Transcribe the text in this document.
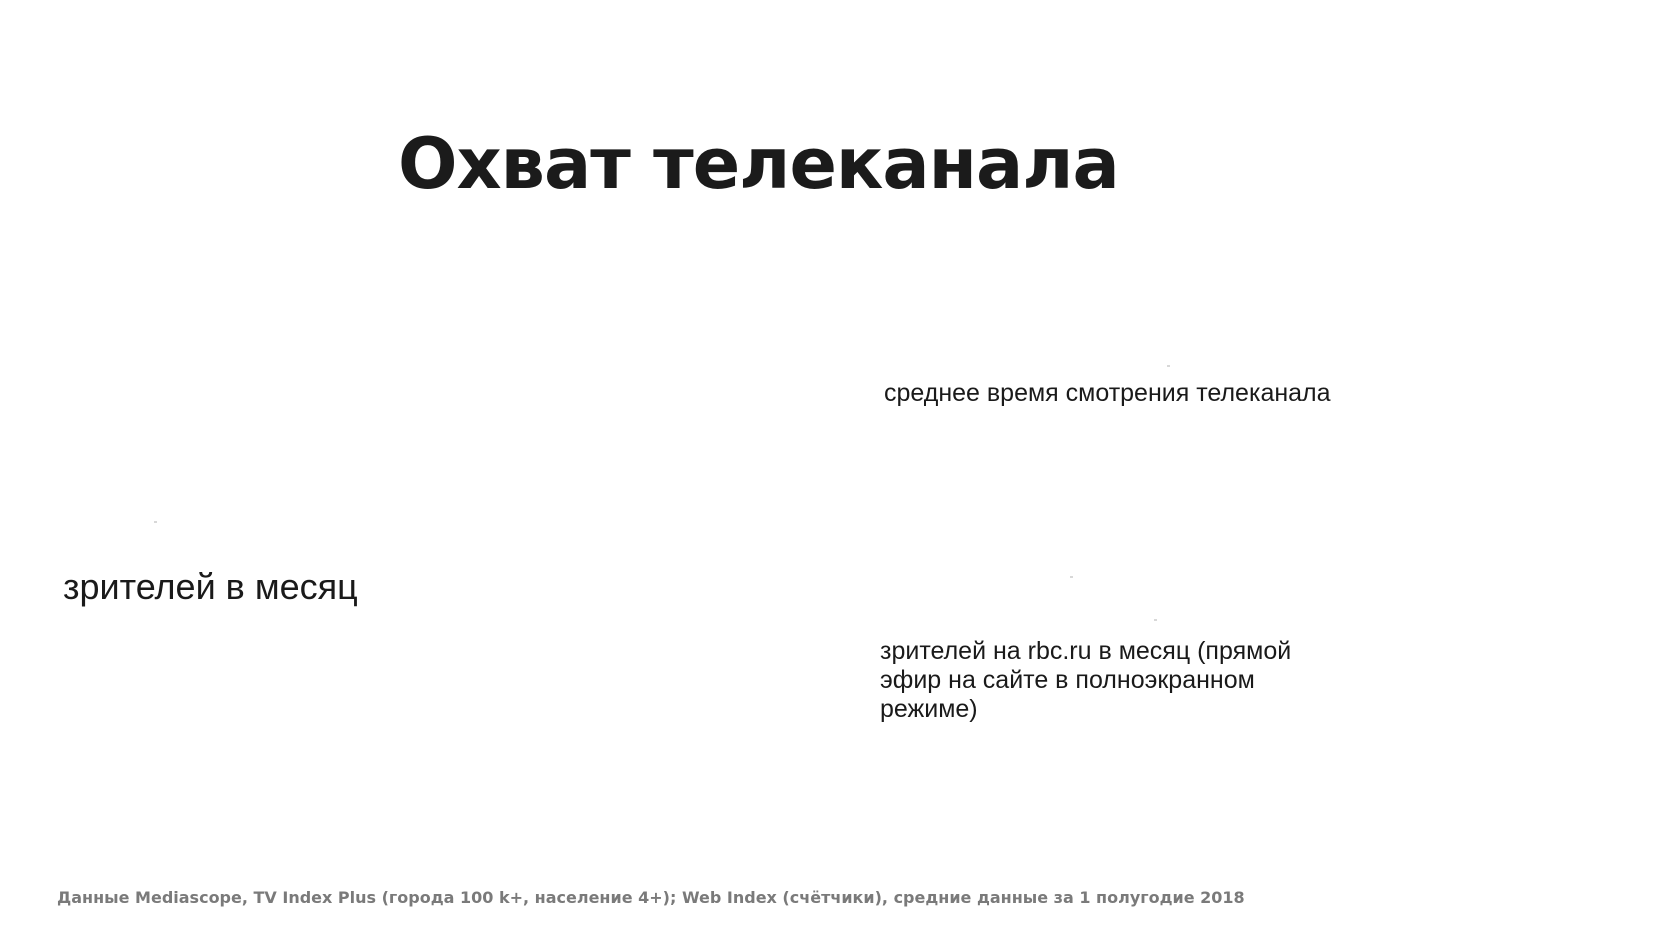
Охват телеканала
среднее время смотрения телеканала
зрителей в месяц
зрителей на rbc.ru в месяц (прямой
эфир на сайте в полноэкранном
режиме)
Данные Mediascope, TV Index Plus (города 100 k+, население 4+); Web Index (счётчики), средние данные за 1 полугодие 2018
